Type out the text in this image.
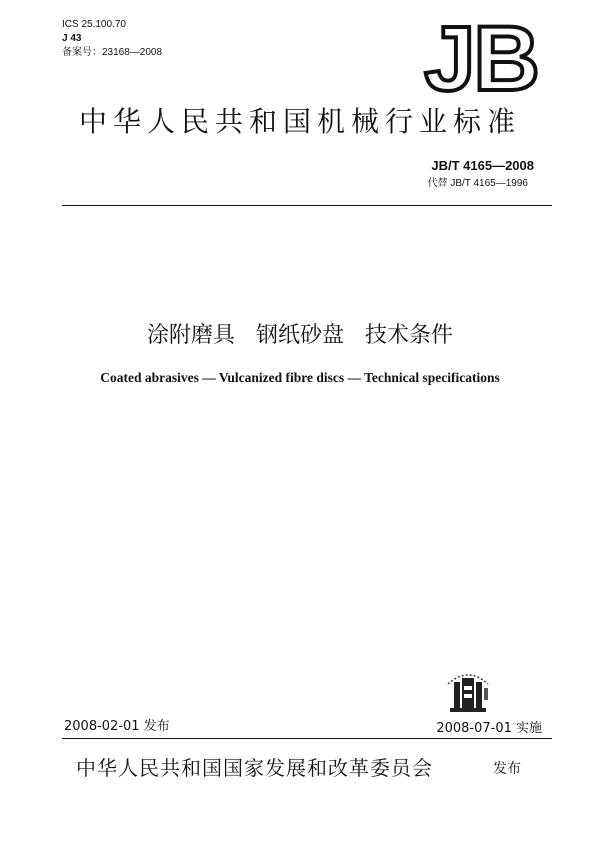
ICS 25.100.70
J 43
备案号：23168—2008	JB
中华人民共和国机械行业标准
JB/T 4165—2008
代替 JB/T 4165—1996
涂附磨具 钢纸砂盘 技术条件
Coated abrasives — Vulcanized fibre discs — Technical specifications
2008-02-01 发布	2008-07-01 实施
中华人民共和国国家发展和改革委员会	发布
